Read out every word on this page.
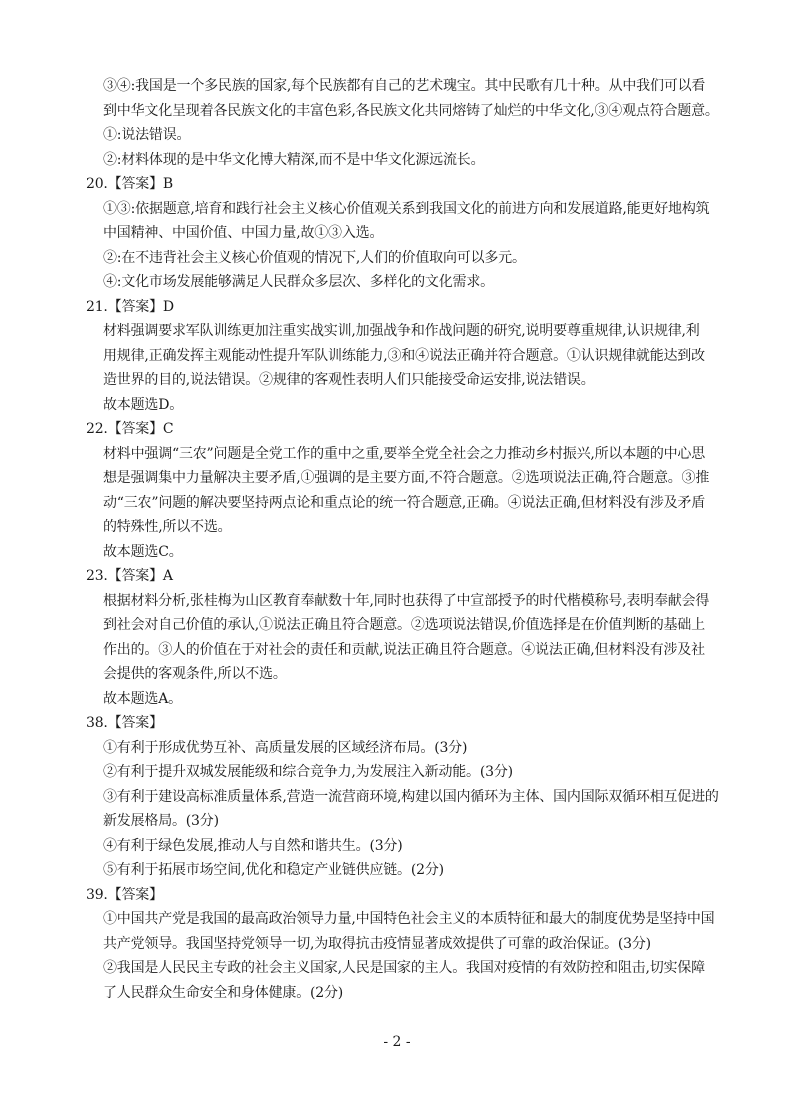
③④:我国是一个多民族的国家,每个民族都有自己的艺术瑰宝。其中民歌有几十种。从中我们可以看
到中华文化呈现着各民族文化的丰富色彩,各民族文化共同熔铸了灿烂的中华文化,③④观点符合题意。
①:说法错误。
②:材料体现的是中华文化博大精深,而不是中华文化源远流长。
20.【答案】B
①③:依据题意,培育和践行社会主义核心价值观关系到我国文化的前进方向和发展道路,能更好地构筑
中国精神、中国价值、中国力量,故①③入选。
②:在不违背社会主义核心价值观的情况下,人们的价值取向可以多元。
④:文化市场发展能够满足人民群众多层次、多样化的文化需求。
21.【答案】D
材料强调要求军队训练更加注重实战实训,加强战争和作战问题的研究,说明要尊重规律,认识规律,利
用规律,正确发挥主观能动性提升军队训练能力,③和④说法正确并符合题意。①认识规律就能达到改
造世界的目的,说法错误。②规律的客观性表明人们只能接受命运安排,说法错误。
故本题选D。
22.【答案】C
材料中强调“三农”问题是全党工作的重中之重,要举全党全社会之力推动乡村振兴,所以本题的中心思
想是强调集中力量解决主要矛盾,①强调的是主要方面,不符合题意。②选项说法正确,符合题意。③推
动“三农”问题的解决要坚持两点论和重点论的统一符合题意,正确。④说法正确,但材料没有涉及矛盾
的特殊性,所以不选。
故本题选C。
23.【答案】A
根据材料分析,张桂梅为山区教育奉献数十年,同时也获得了中宣部授予的时代楷模称号,表明奉献会得
到社会对自己价值的承认,①说法正确且符合题意。②选项说法错误,价值选择是在价值判断的基础上
作出的。③人的价值在于对社会的责任和贡献,说法正确且符合题意。④说法正确,但材料没有涉及社
会提供的客观条件,所以不选。
故本题选A。
38.【答案】
①有利于形成优势互补、高质量发展的区域经济布局。(3分)
②有利于提升双城发展能级和综合竞争力,为发展注入新动能。(3分)
③有利于建设高标准质量体系,营造一流营商环境,构建以国内循环为主体、国内国际双循环相互促进的
新发展格局。(3分)
④有利于绿色发展,推动人与自然和谐共生。(3分)
⑤有利于拓展市场空间,优化和稳定产业链供应链。(2分)
39.【答案】
①中国共产党是我国的最高政治领导力量,中国特色社会主义的本质特征和最大的制度优势是坚持中国
共产党领导。我国坚持党领导一切,为取得抗击疫情显著成效提供了可靠的政治保证。(3分)
②我国是人民民主专政的社会主义国家,人民是国家的主人。我国对疫情的有效防控和阻击,切实保障
了人民群众生命安全和身体健康。(2分)
- 2 -
